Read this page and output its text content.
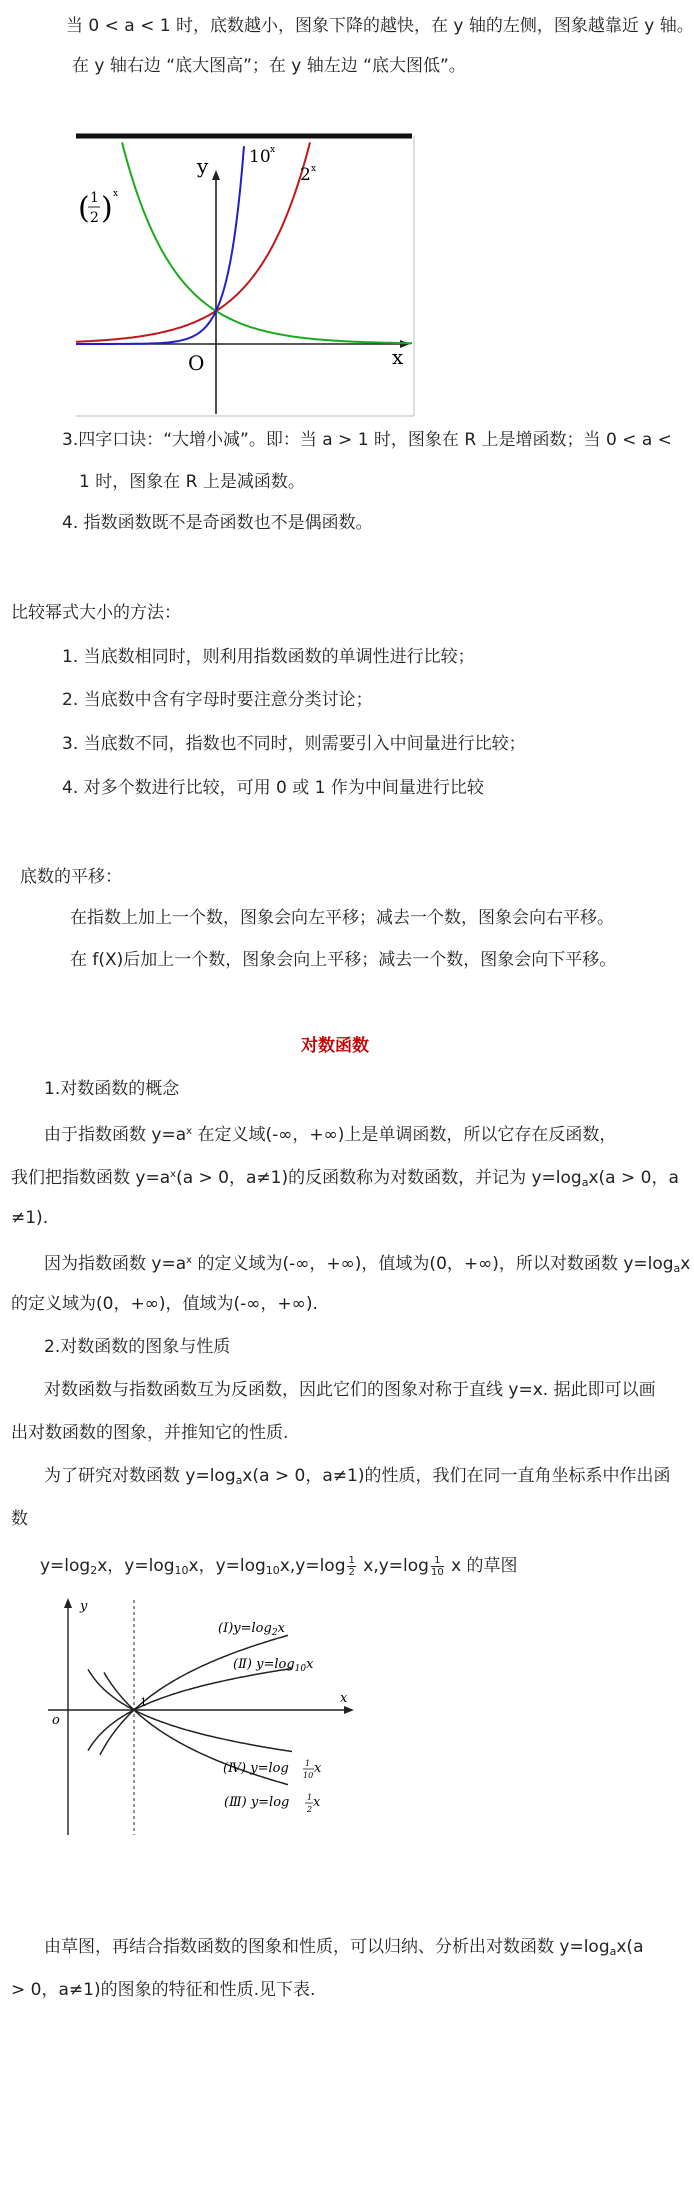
当 0 < a < 1 时，底数越小，图象下降的越快，在 y 轴的左侧，图象越靠近 y 轴。
在 y 轴右边 “底大图高”；在 y 轴左边 “底大图低”。
y
x
O
10 x
2 x
( 1
2 ) x
3.四字口诀：“大增小减”。即：当 a > 1 时，图象在 R 上是增函数；当 0 < a <
1 时，图象在 R 上是减函数。
4. 指数函数既不是奇函数也不是偶函数。
比较幂式大小的方法：
1. 当底数相同时，则利用指数函数的单调性进行比较；
2. 当底数中含有字母时要注意分类讨论；
3. 当底数不同，指数也不同时，则需要引入中间量进行比较；
4. 对多个数进行比较，可用 0 或 1 作为中间量进行比较
底数的平移：
在指数上加上一个数，图象会向左平移；减去一个数，图象会向右平移。
在 f(X)后加上一个数，图象会向上平移；减去一个数，图象会向下平移。
对数函数
1.对数函数的概念
由于指数函数 $y=a^x$ 在定义域(-∞，+∞)上是单调函数，所以它存在反函数，
我们把指数函数 $y=a^x(a > 0$，a≠1)的反函数称为对数函数，并记为 $y=\log_ax(a > 0$，a
≠1).
因为指数函数 $y=a^x$ 的定义域为(-∞，+∞)，值域为(0，+∞)，所以对数函数 $y=\log_ax$
的定义域为(0，+∞)，值域为(-∞，+∞).
2.对数函数的图象与性质
对数函数与指数函数互为反函数，因此它们的图象对称于直线 y=x. 据此即可以画
出对数函数的图象，并推知它的性质.
为了研究对数函数 $y=\log_ax(a > 0$，a≠1)的性质，我们在同一直角坐标系中作出函
数
$y=\log_2x$，$y=\log_{10}x$，$y=\log_{10}x,y=\log \frac{1}{2} x,y=\log \frac{1}{10}$ x 的草图
y
x
o
1
$(Ⅰ)y=\log_2x$
(Ⅱ) $y=\log_{10}x$
(Ⅳ) y=log 1
10 x
(Ⅲ) y=log 1
2 x
由草图，再结合指数函数的图象和性质，可以归纳、分析出对数函数 $y=\log_ax(a$
> 0，a≠1)的图象的特征和性质.见下表.
